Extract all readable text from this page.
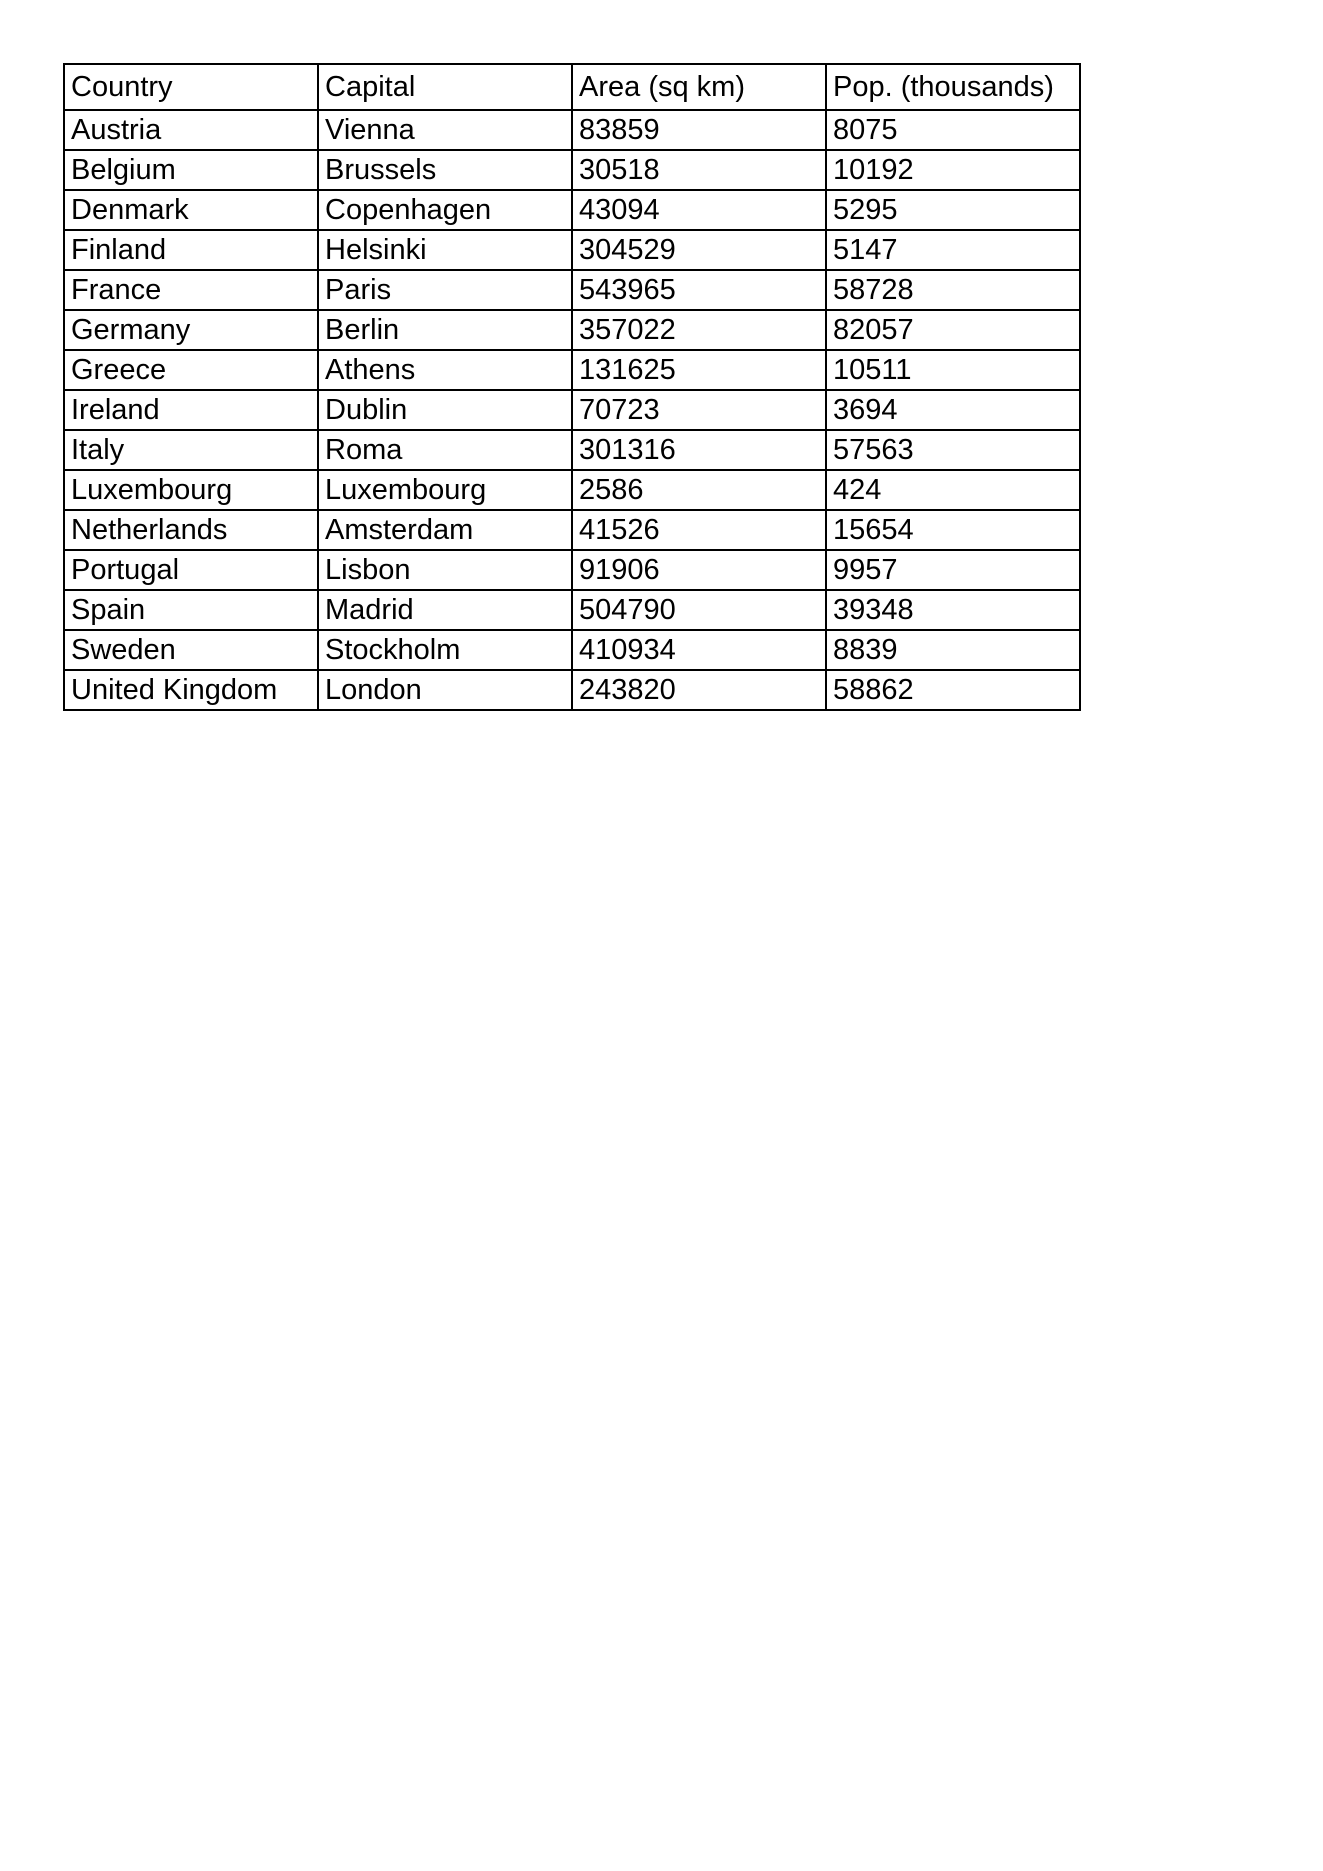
Country	Capital	Area (sq km)	Pop. (thousands)
Austria	Vienna	83859	8075
Belgium	Brussels	30518	10192
Denmark	Copenhagen	43094	5295
Finland	Helsinki	304529	5147
France	Paris	543965	58728
Germany	Berlin	357022	82057
Greece	Athens	131625	10511
Ireland	Dublin	70723	3694
Italy	Roma	301316	57563
Luxembourg	Luxembourg	2586	424
Netherlands	Amsterdam	41526	15654
Portugal	Lisbon	91906	9957
Spain	Madrid	504790	39348
Sweden	Stockholm	410934	8839
United Kingdom	London	243820	58862
